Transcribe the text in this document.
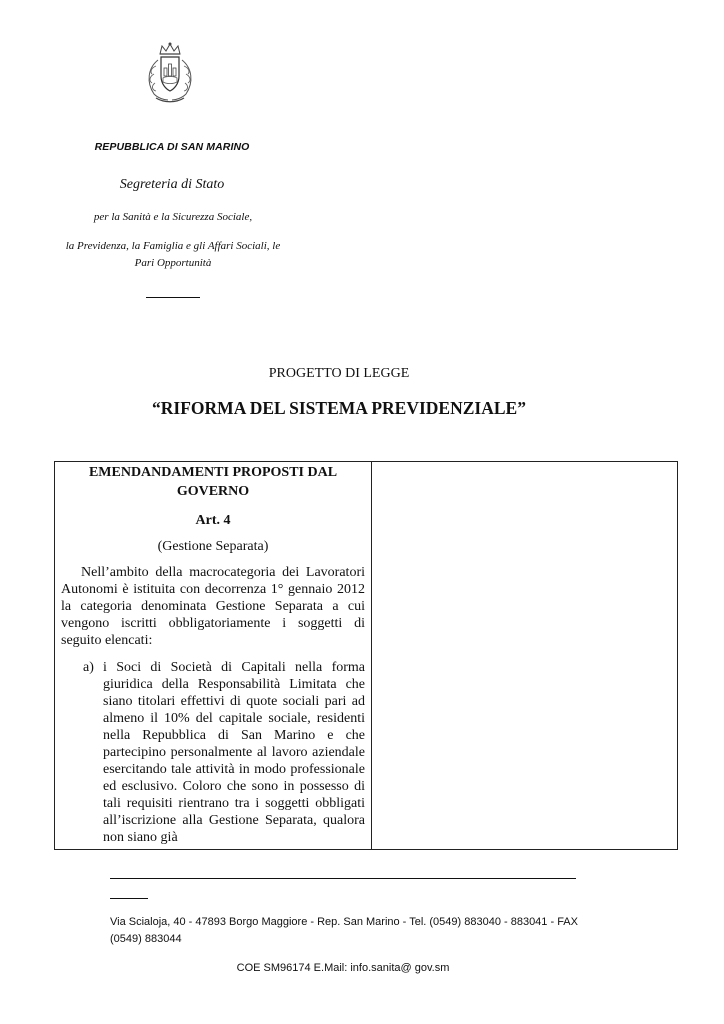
REPUBBLICA DI SAN MARINO
Segreteria di Stato
per la Sanità e la Sicurezza Sociale,
la Previdenza, la Famiglia e gli Affari Sociali, le Pari Opportunità
PROGETTO DI LEGGE
“RIFORMA DEL SISTEMA PREVIDENZIALE”
EMENDANDAMENTI PROPOSTI DAL GOVERNO
Art. 4
(Gestione Separata)
Nell’ambito della macrocategoria dei Lavoratori Autonomi è istituita con decorrenza 1° gennaio 2012 la categoria denominata Gestione Separata a cui vengono iscritti obbligatoriamente i soggetti di seguito elencati:
a) i Soci di Società di Capitali nella forma giuridica della Responsabilità Limitata che siano titolari effettivi di quote sociali pari ad almeno il 10% del capitale sociale, residenti nella Repubblica di San Marino e che partecipino personalmente al lavoro aziendale esercitando tale attività in modo professionale ed esclusivo. Coloro che sono in possesso di tali requisiti rientrano tra i soggetti obbligati all’iscrizione alla Gestione Separata, qualora non siano già
Via Scialoja, 40 - 47893 Borgo Maggiore - Rep. San Marino - Tel. (0549) 883040 - 883041 - FAX (0549) 883044
COE SM96174 E.Mail: info.sanita@ gov.sm
